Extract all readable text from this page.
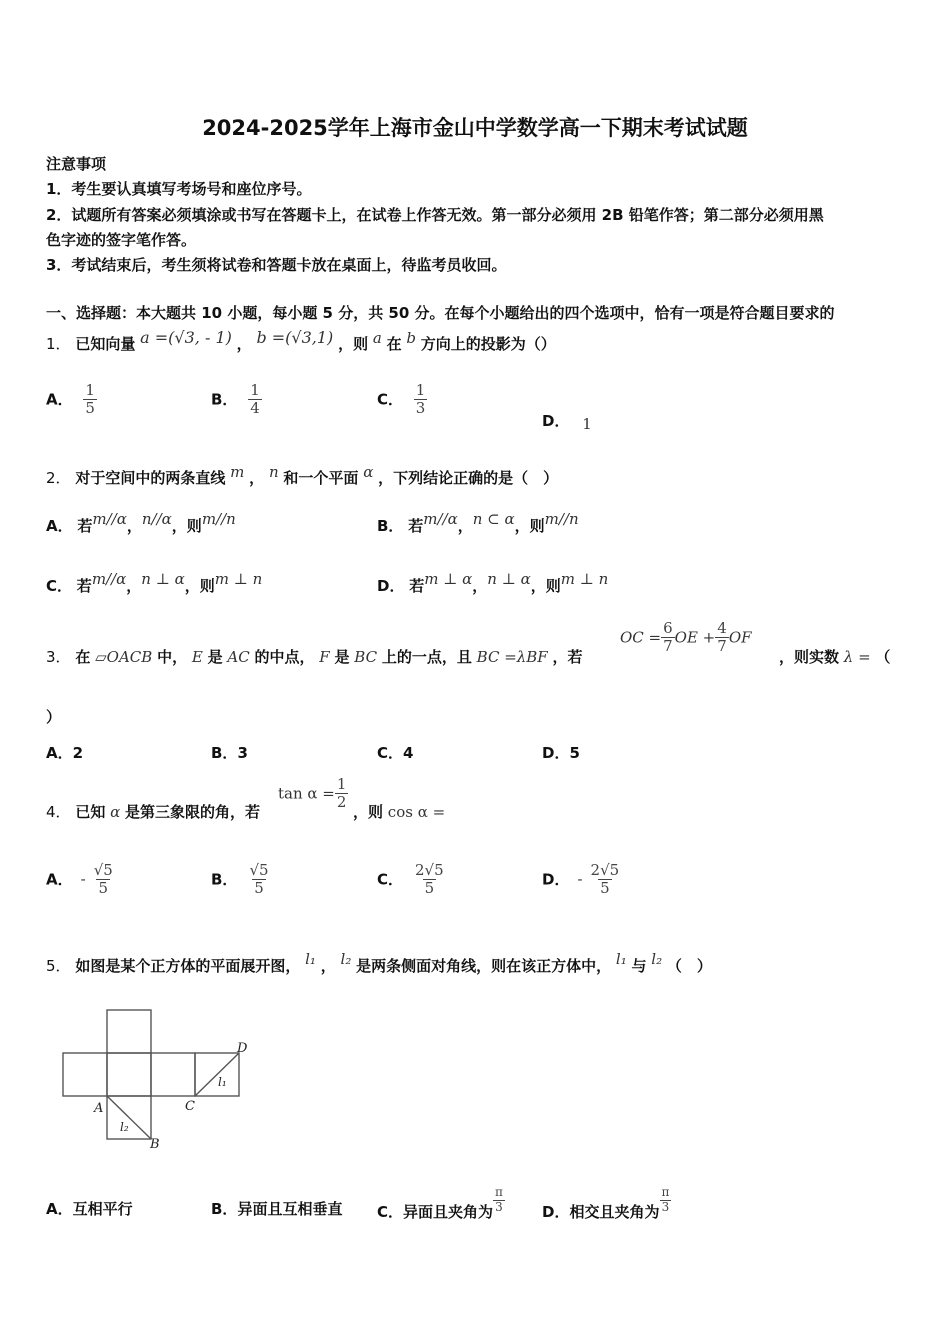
2024-2025学年上海市金山中学数学高一下期末考试试题
注意事项
1．考生要认真填写考场号和座位序号。
2．试题所有答案必须填涂或书写在答题卡上，在试卷上作答无效。第一部分必须用 2B 铅笔作答；第二部分必须用黑
色字迹的签字笔作答。
3．考试结束后，考生须将试卷和答题卡放在桌面上，待监考员收回。
一、选择题：本大题共 10 小题，每小题 5 分，共 50 分。在每个小题给出的四个选项中，恰有一项是符合题目要求的
1． 已知向量 a =(√3, - 1) ， b =(√3,1) ，则 a 在 b 方向上的投影为（）
A． $\frac{1}{5}$	B． $\frac{1}{4}$	C． $\frac{1}{3}$
D． 1
2． 对于空间中的两条直线 m ， n 和一个平面 α ，下列结论正确的是（　）
A． 若m//α，n//α，则m//n	B． 若m//α，n ⊂ α，则m//n
C． 若m//α，n ⊥ α，则m ⊥ n	D． 若m ⊥ α，n ⊥ α，则m ⊥ n
3． 在 ▱OACB 中， E 是 AC 的中点， F 是 BC 上的一点，且 BC =λBF ，若
OC = $\frac{6}{7}$ OE + $\frac{4}{7}$ OF
，则实数 λ = （
）
A．2	B．3	C．4	D．5
4． 已知 α 是第三象限的角，若
$\tan \alpha = \frac{1}{2}$
，则 cos α =
A． - $\frac{√5}{5}$	B． $\frac{√5}{5}$	C． $\frac{2√5}{5}$	D． - $\frac{2√5}{5}$
5． 如图是某个正方体的平面展开图， l₁ ， l₂ 是两条侧面对角线，则在该正方体中， l₁ 与 l₂ （　）
D
C
A
B
l₁
l₂
A．互相平行	B．异面且互相垂直 C．异面且夹角为 $\frac{\pi}{3}$ D．相交且夹角为 $\frac{\pi}{3}$
